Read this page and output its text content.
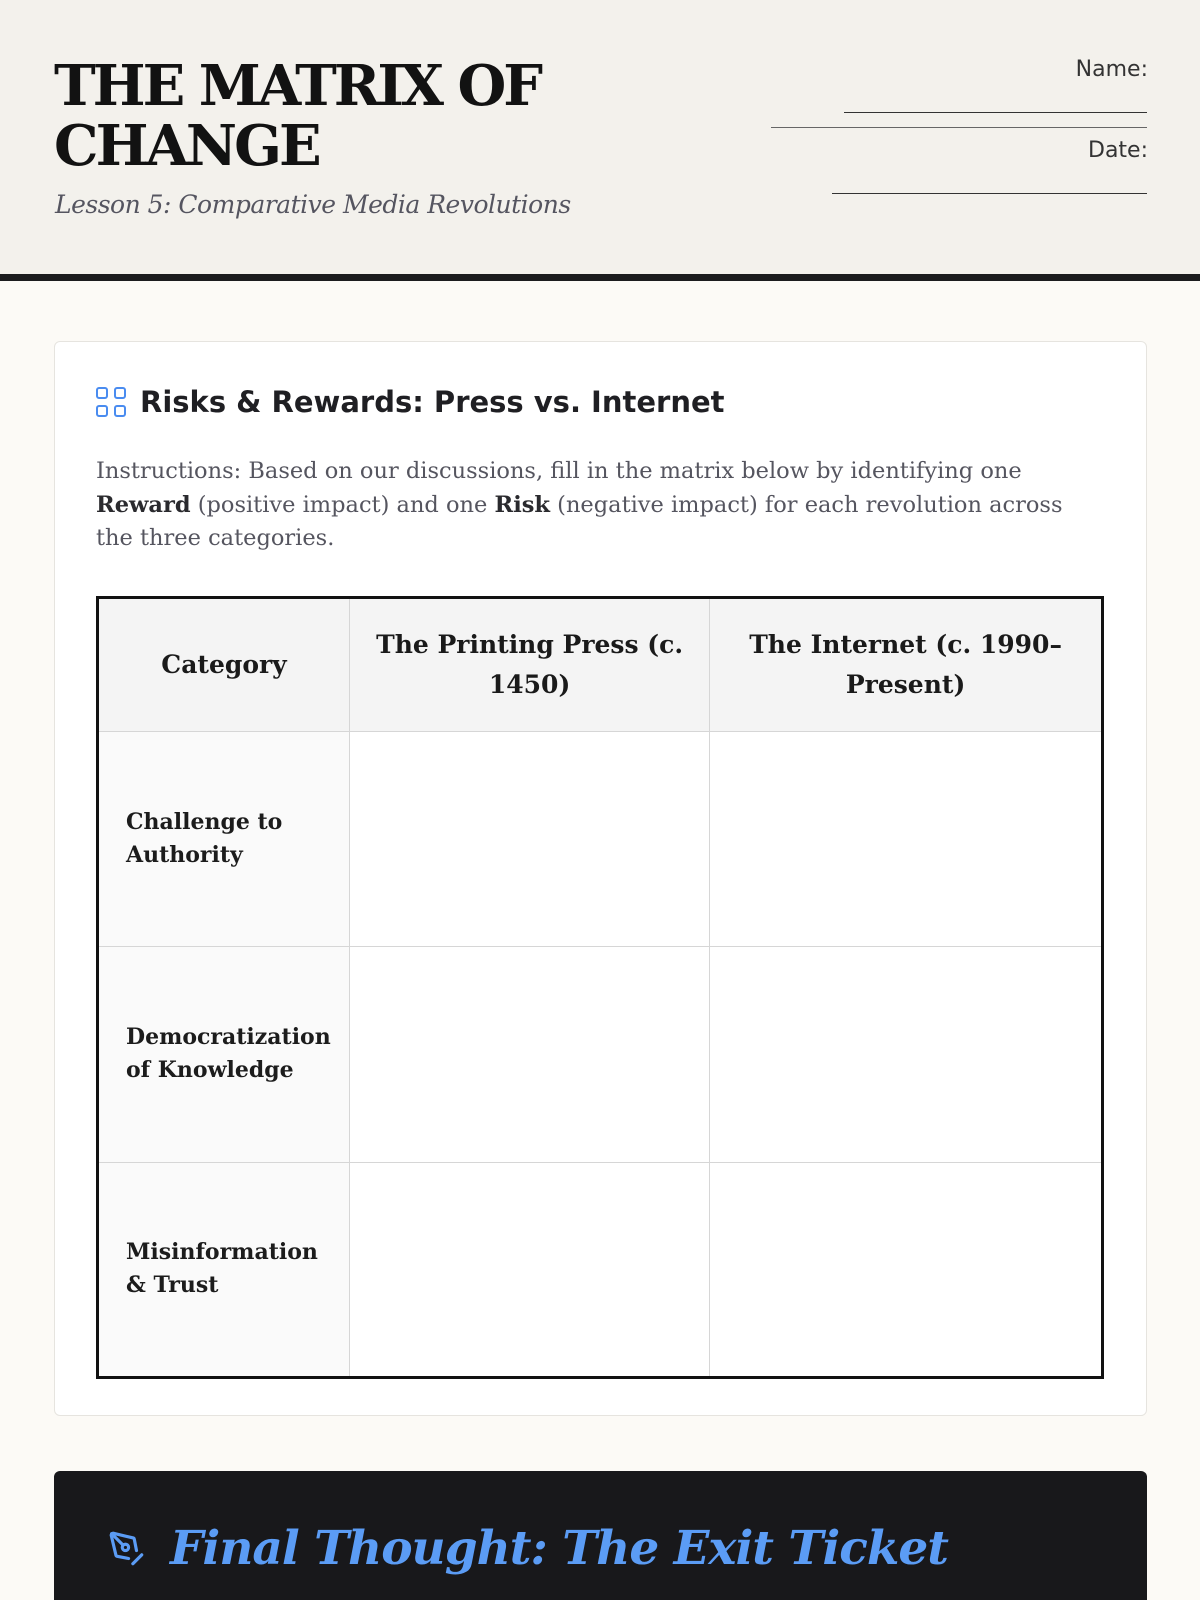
THE MATRIX OF CHANGE
Lesson 5: Comparative Media Revolutions
Name:
Date:
Risks & Rewards: Press vs. Internet

Instructions: Based on our discussions, fill in the matrix below by identifying one Reward (positive impact) and one Risk (negative impact) for each revolution across the three categories.

Category	The Printing Press (c. 1450)	The Internet (c. 1990–Present)
Challenge to Authority		
Democratization of Knowledge		
Misinformation & Trust		
Final Thought: The Exit Ticket
